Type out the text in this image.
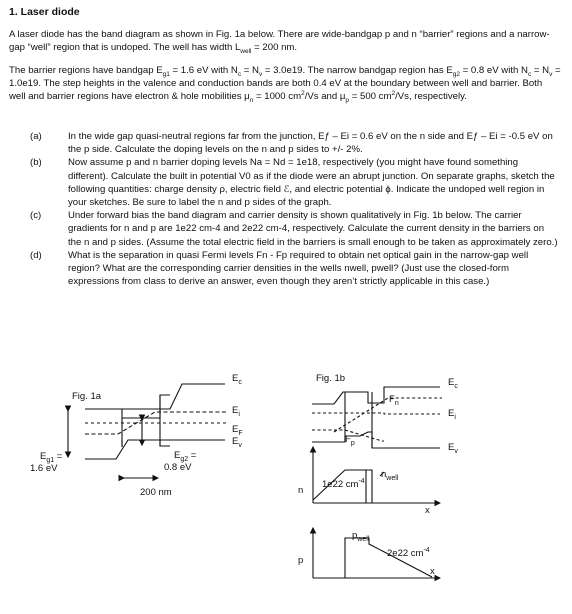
1. Laser diode
A laser diode has the band diagram as shown in Fig. 1a below. There are wide-bandgap p and n “barrier” regions and a narrow-gap “well” region that is undoped. The well has width $L_{well} = 200$ nm.
The barrier regions have bandgap $E_{g1} = 1.6$ eV with $N_c = N_v = 3.0e19$. The narrow bandgap region has $E_{g2} = 0.8$ eV with $N_c = N_v = 1.0e19$. The step heights in the valence and conduction bands are both 0.4 eV at the boundary between well and barrier. Both well and barrier regions have electron & hole mobilities $\mu_n = 1000$ $cm^2/Vs$ and $\mu_p = 500$ $cm^2/Vs$, respectively.
(a)	In the wide gap quasi-neutral regions far from the junction, Eƒ – Ei = 0.6 eV on the n side and Eƒ – Ei = -0.5 eV on the p side. Calculate the doping levels on the n and p sides to +/- 2%.
(b)	Now assume p and n barrier doping levels Na = Nd = 1e18, respectively (you might have found something different). Calculate the built in potential V0 as if the diode were an abrupt junction. On separate graphs, sketch the following quantities: charge density ρ, electric field ℰ, and electric potential ϕ. Indicate the undoped well region in your sketches. Be sure to label the n and p sides of the graph.
(c)	Under forward bias the band diagram and carrier density is shown qualitatively in Fig. 1b below. The carrier gradients for n and p are 1e22 cm-4 and 2e22 cm-4, respectively. Calculate the current density in the barriers on the n and p sides. (Assume the total electric field in the barriers is small enough to be taken as approximately zero.)
(d)	What is the separation in quasi Fermi levels Fn - Fp required to obtain net optical gain in the narrow-gap well region? What are the corresponding carrier densities in the wells nwell, pwell? (Just use the closed-form expressions from class to derive an answer, even though they aren’t strictly applicable in this case.)
Fig. 1a
$E_c$
$E_i$
$E_F$
$E_v$
$E_{g1}$ =
1.6 eV
$E_{g2}$ =
0.8 eV
200 nm
Fig. 1b	$E_c$
$E_i$
$E_v$
$F_n$
$F_p$
n
$n_{well}$
1e22 $cm^{-4}$
x
p
$p_{well}$
2e22 $cm^{-4}$
x
